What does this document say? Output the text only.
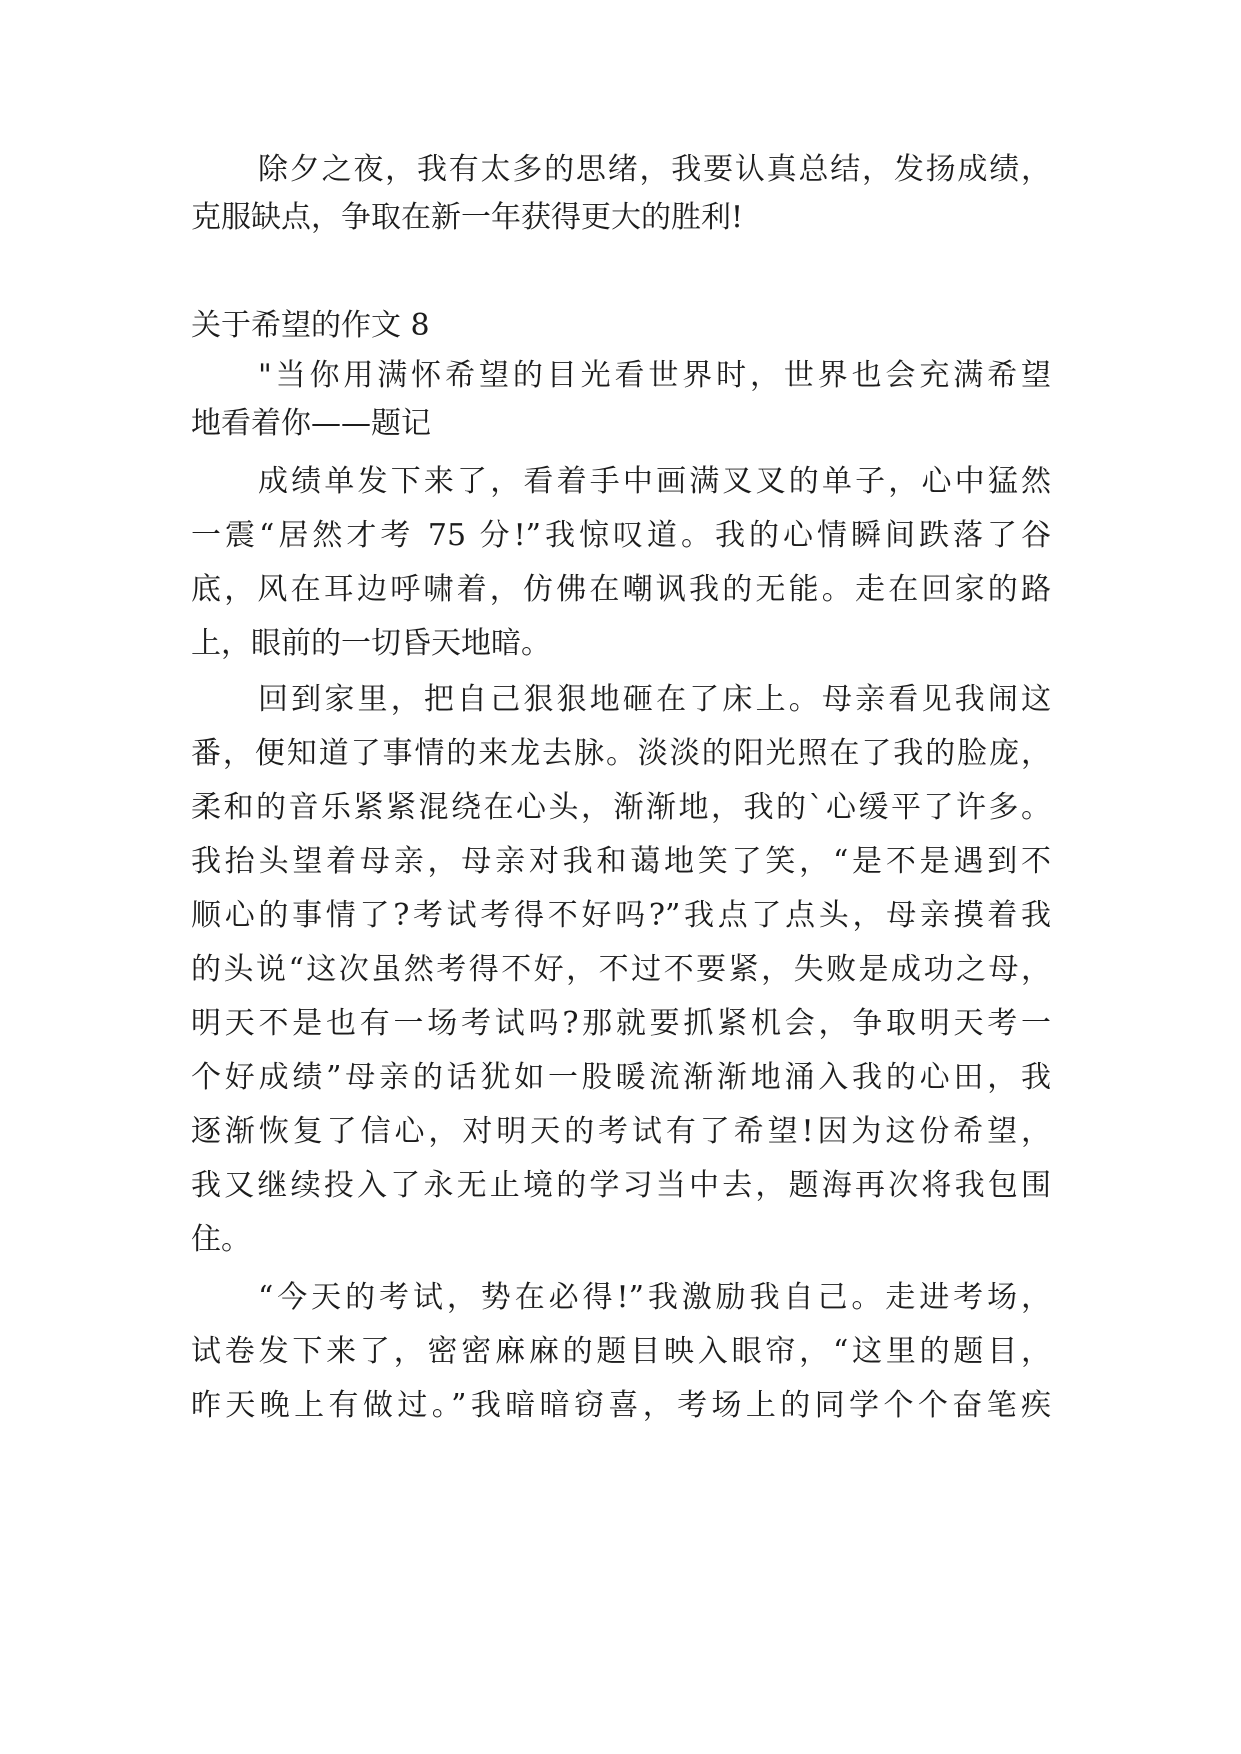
除夕之夜，我有太多的思绪，我要认真总结，发扬成绩，

克服缺点，争取在新一年获得更大的胜利!

关于希望的作文 8

"当你用满怀希望的目光看世界时，世界也会充满希望

地看着你——题记

成绩单发下来了，看着手中画满叉叉的单子，心中猛然

一震“居然才考 75 分!”我惊叹道。我的心情瞬间跌落了谷

底，风在耳边呼啸着，仿佛在嘲讽我的无能。走在回家的路

上，眼前的一切昏天地暗。

回到家里，把自己狠狠地砸在了床上。母亲看见我闹这

番，便知道了事情的来龙去脉。淡淡的阳光照在了我的脸庞，

柔和的音乐紧紧混绕在心头，渐渐地，我的`心缓平了许多。

我抬头望着母亲，母亲对我和蔼地笑了笑，“是不是遇到不

顺心的事情了?考试考得不好吗?”我点了点头，母亲摸着我

的头说“这次虽然考得不好，不过不要紧，失败是成功之母，

明天不是也有一场考试吗?那就要抓紧机会，争取明天考一

个好成绩”母亲的话犹如一股暖流渐渐地涌入我的心田，我

逐渐恢复了信心，对明天的考试有了希望!因为这份希望，

我又继续投入了永无止境的学习当中去，题海再次将我包围

住。

“今天的考试，势在必得!”我激励我自己。走进考场，

试卷发下来了，密密麻麻的题目映入眼帘，“这里的题目，

昨天晚上有做过。”我暗暗窃喜，考场上的同学个个奋笔疾
